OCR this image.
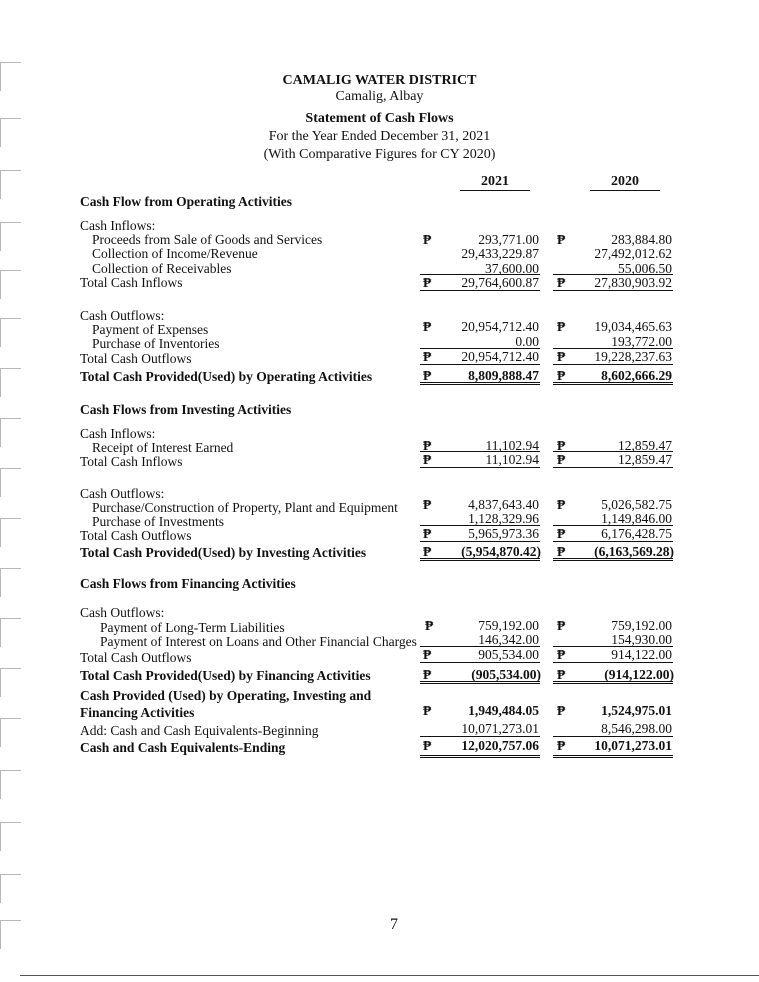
CAMALIG WATER DISTRICT
Camalig, Albay
Statement of Cash Flows
For the Year Ended December 31, 2021
(With Comparative Figures for CY 2020)
2021	2020
Cash Flow from Operating Activities
Cash Inflows:
Proceeds from Sale of Goods and Services	₱	293,771.00 ₱	283,884.80
Collection of Income/Revenue	29,433,229.87	27,492,012.62
Collection of Receivables	37,600.00	55,006.50
Total Cash Inflows	₱	29,764,600.87 ₱	27,830,903.92
Cash Outflows:
Payment of Expenses	₱	20,954,712.40 ₱	19,034,465.63
Purchase of Inventories	0.00	193,772.00
Total Cash Outflows	₱	20,954,712.40 ₱	19,228,237.63
Total Cash Provided(Used) by Operating Activities	₱	8,809,888.47 ₱	8,602,666.29
Cash Flows from Investing Activities
Cash Inflows:
Receipt of Interest Earned	₱	11,102.94 ₱	12,859.47
Total Cash Inflows	₱	11,102.94 ₱	12,859.47
Cash Outflows:
Purchase/Construction of Property, Plant and Equipment ₱	4,837,643.40 ₱	5,026,582.75
Purchase of Investments	1,128,329.96	1,149,846.00
Total Cash Outflows	₱	5,965,973.36 ₱	6,176,428.75
Total Cash Provided(Used) by Investing Activities	₱	(5,954,870.42) ₱	(6,163,569.28)
Cash Flows from Financing Activities
Cash Outflows:
Payment of Long-Term Liabilities	₱	759,192.00 ₱	759,192.00
Payment of Interest on Loans and Other Financial Charges	146,342.00	154,930.00
Total Cash Outflows	₱	905,534.00 ₱	914,122.00
Total Cash Provided(Used) by Financing Activities	₱	(905,534.00) ₱	(914,122.00)
Cash Provided (Used) by Operating, Investing and
Financing Activities	₱	1,949,484.05 ₱	1,524,975.01
Add: Cash and Cash Equivalents-Beginning	10,071,273.01	8,546,298.00
Cash and Cash Equivalents-Ending	₱	12,020,757.06 ₱	10,071,273.01
7
